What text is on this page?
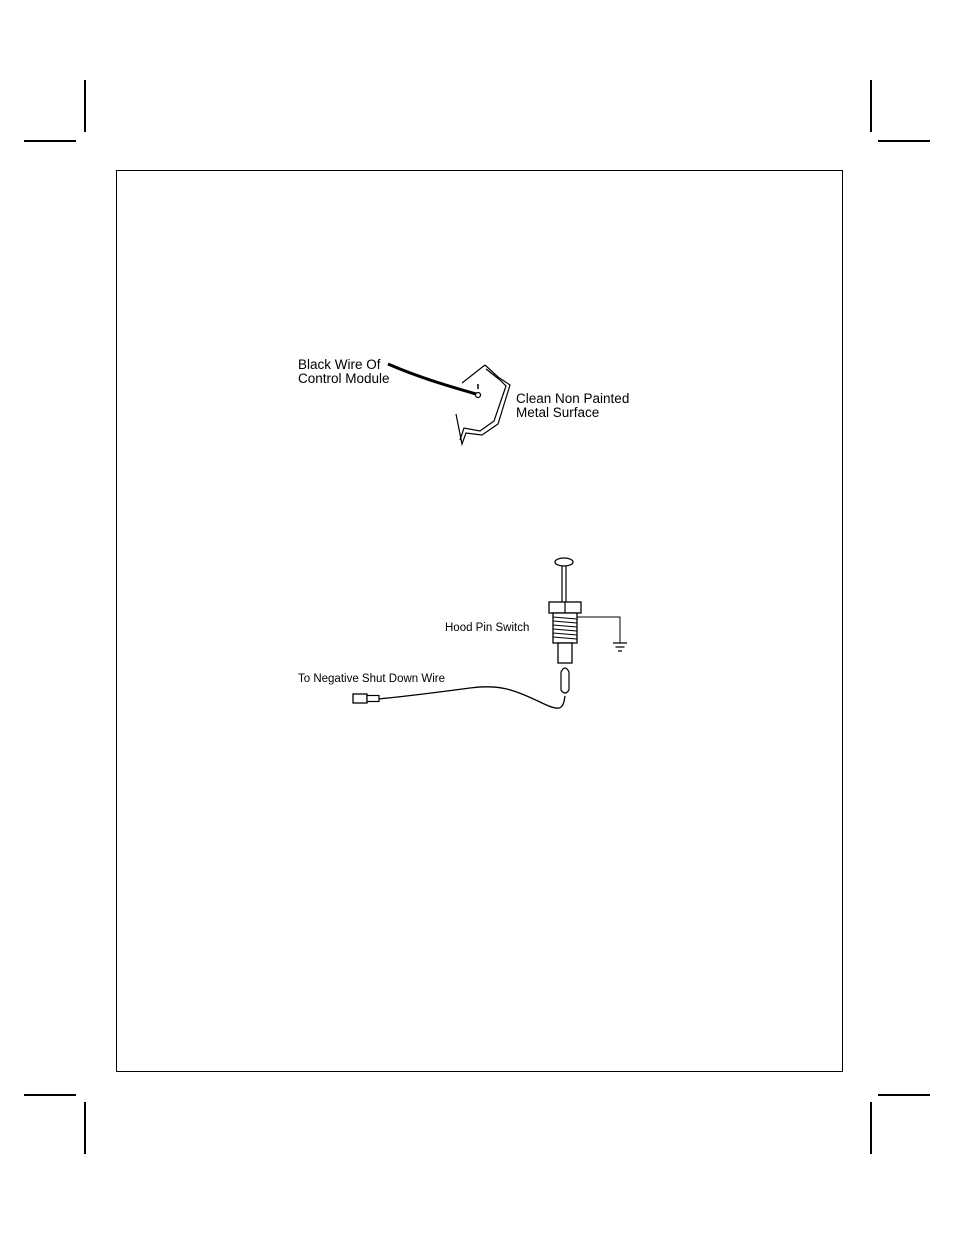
Black Wire Of
Control Module
Clean Non Painted
Metal Surface
Hood Pin Switch
To Negative Shut Down Wire
